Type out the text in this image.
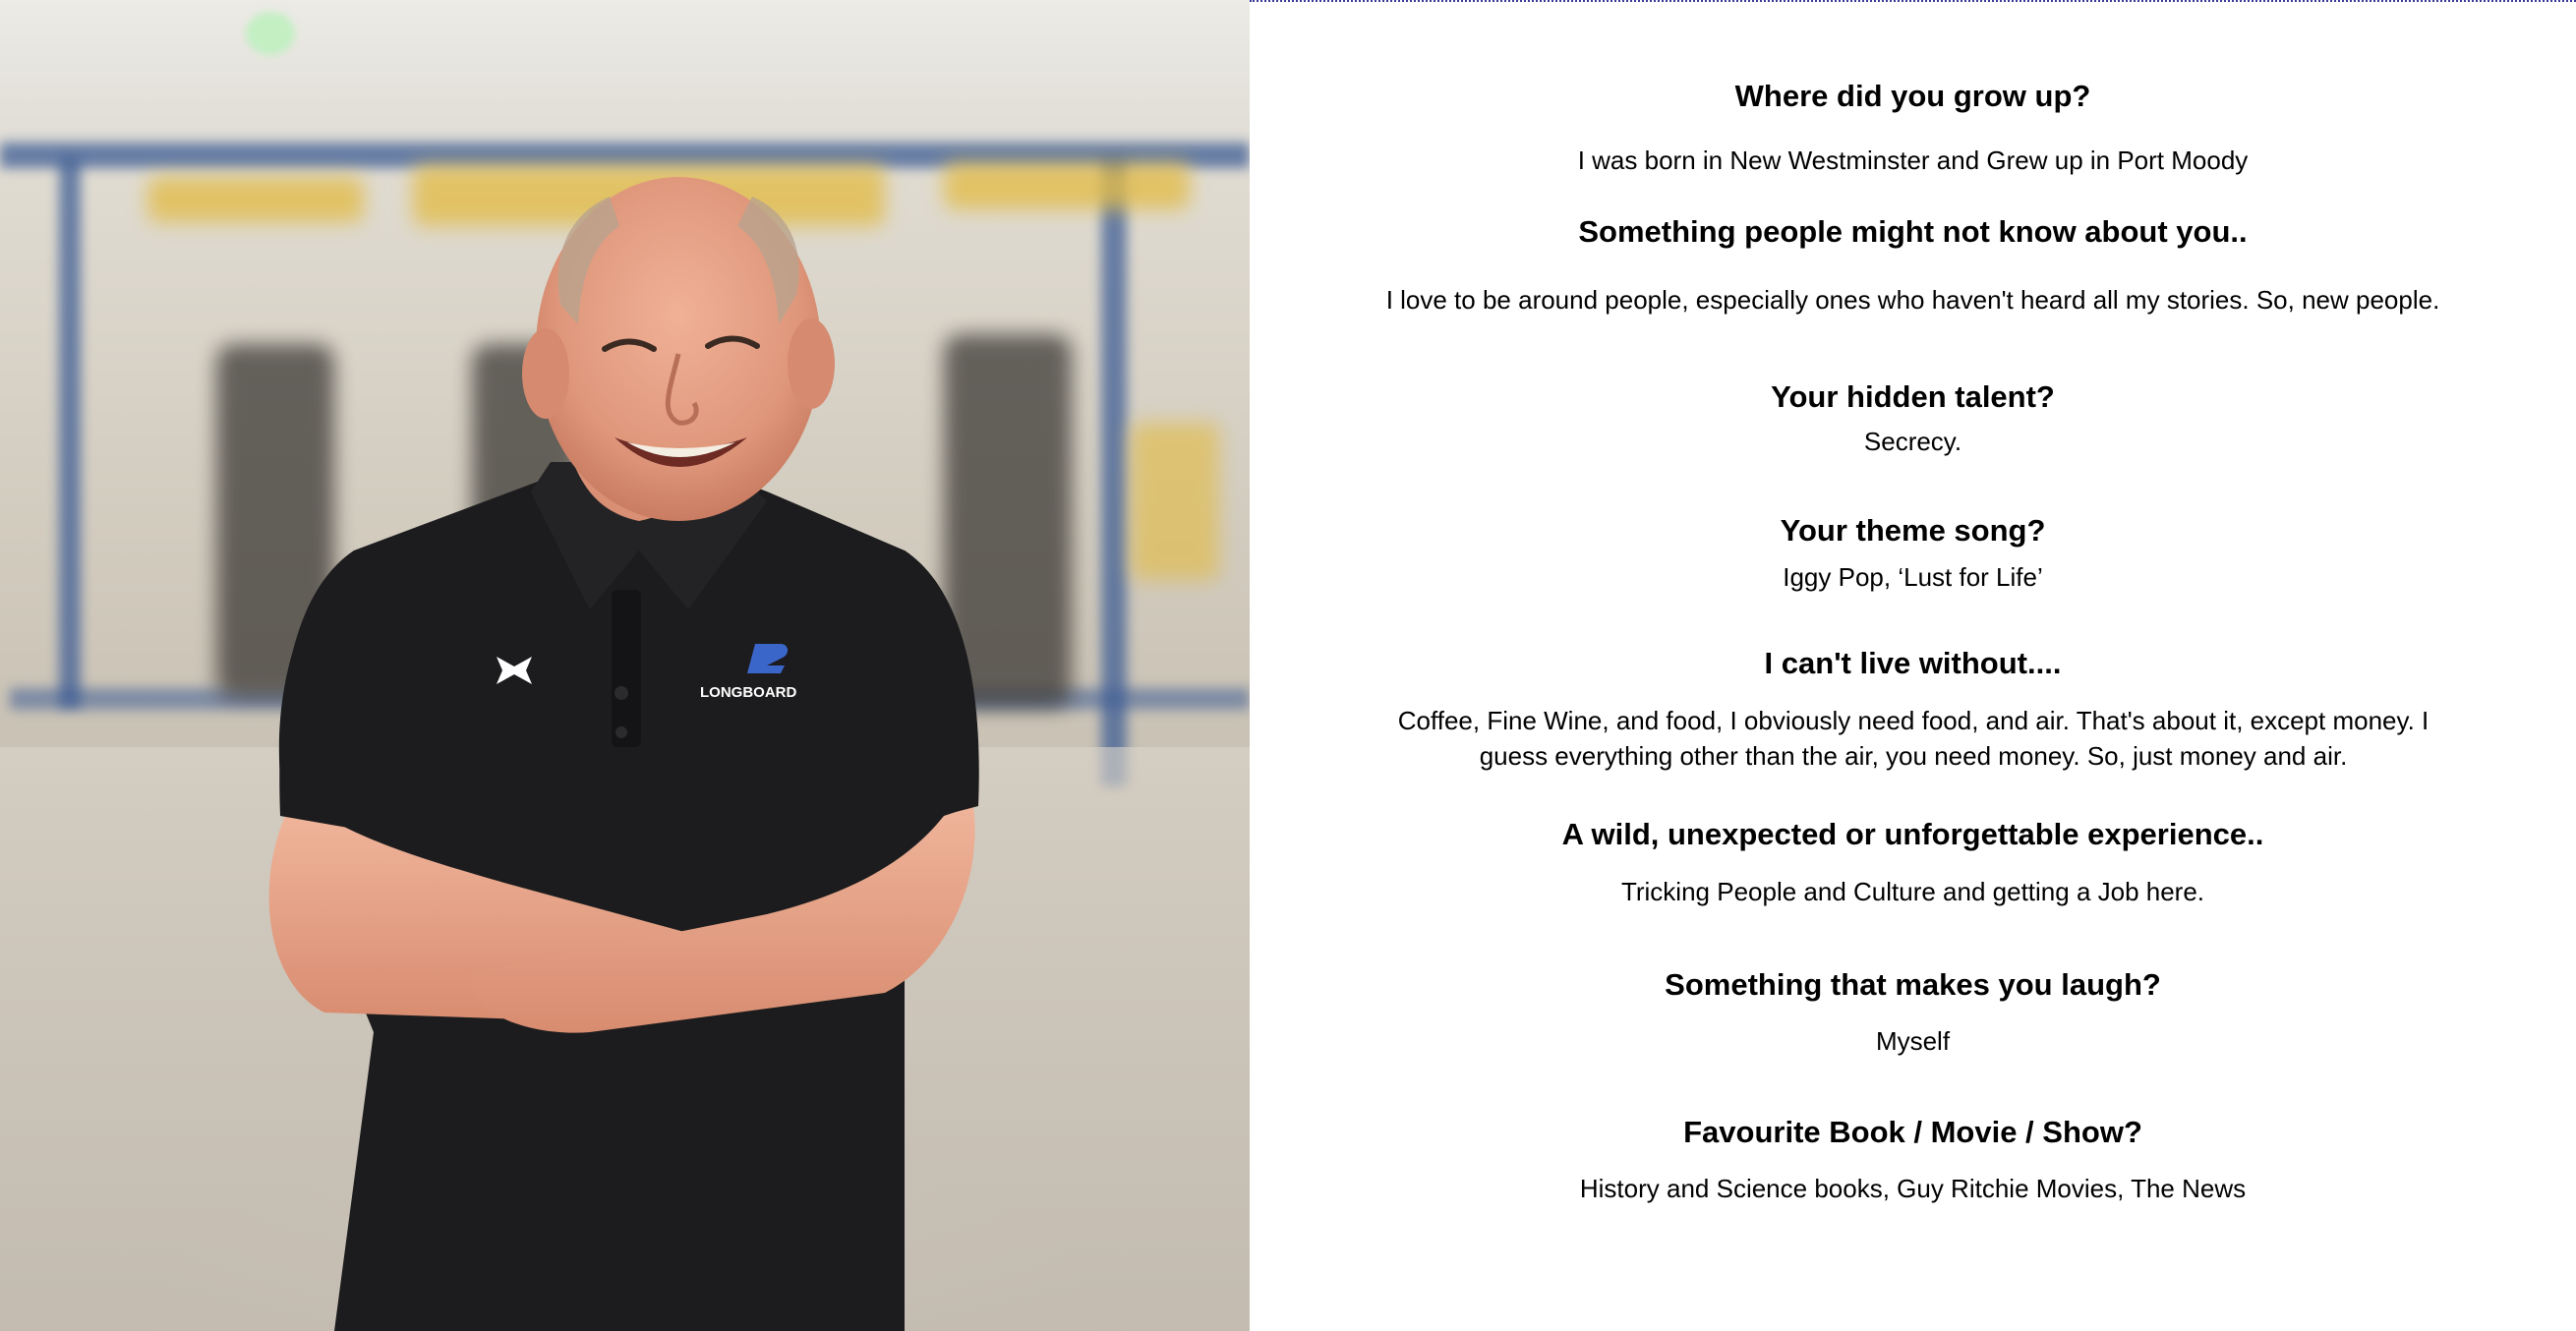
LONGBOARD
Where did you grow up?

I was born in New Westminster and Grew up in Port Moody

Something people might not know about you..

I love to be around people, especially ones who haven't heard all my stories. So, new people.

Your hidden talent?

Secrecy.

Your theme song?

Iggy Pop, ‘Lust for Life’

I can't live without....

Coffee, Fine Wine, and food, I obviously need food, and air. That's about it, except money. I guess everything other than the air, you need money. So, just money and air.

A wild, unexpected or unforgettable experience..

Tricking People and Culture and getting a Job here.

Something that makes you laugh?

Myself

Favourite Book / Movie / Show?

History and Science books, Guy Ritchie Movies, The News
